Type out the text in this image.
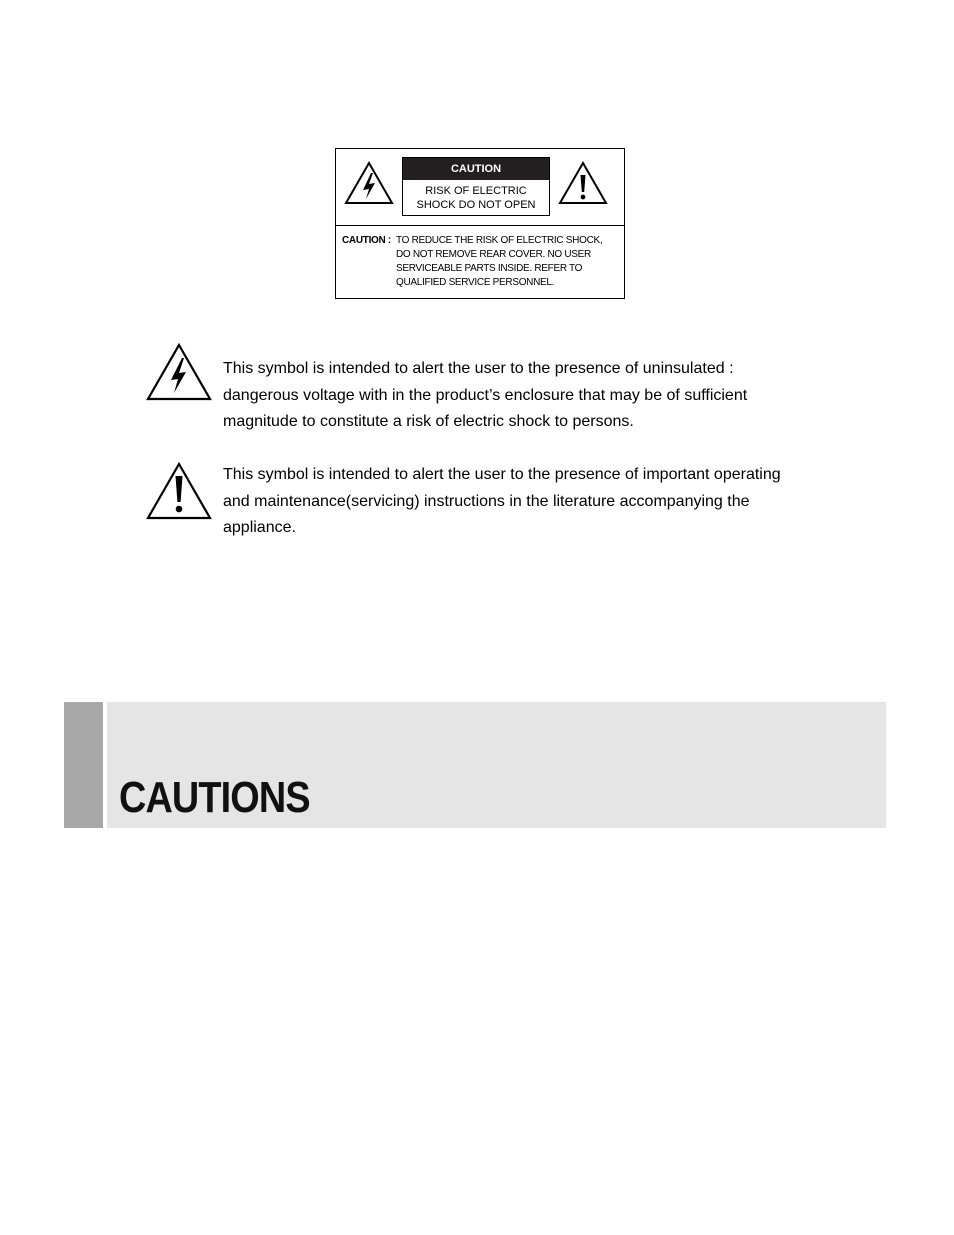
CAUTION
RISK OF ELECTRIC
SHOCK DO NOT OPEN
CAUTION : TO REDUCE THE RISK OF ELECTRIC SHOCK,
DO NOT REMOVE REAR COVER. NO USER
SERVICEABLE PARTS INSIDE. REFER TO
QUALIFIED SERVICE PERSONNEL.
This symbol is intended to alert the user to the presence of uninsulated :
dangerous voltage with in the product’s enclosure that may be of sufficient
magnitude to constitute a risk of electric shock to persons.
This symbol is intended to alert the user to the presence of important operating
and maintenance(servicing) instructions in the literature accompanying the
appliance.
CAUTIONS
